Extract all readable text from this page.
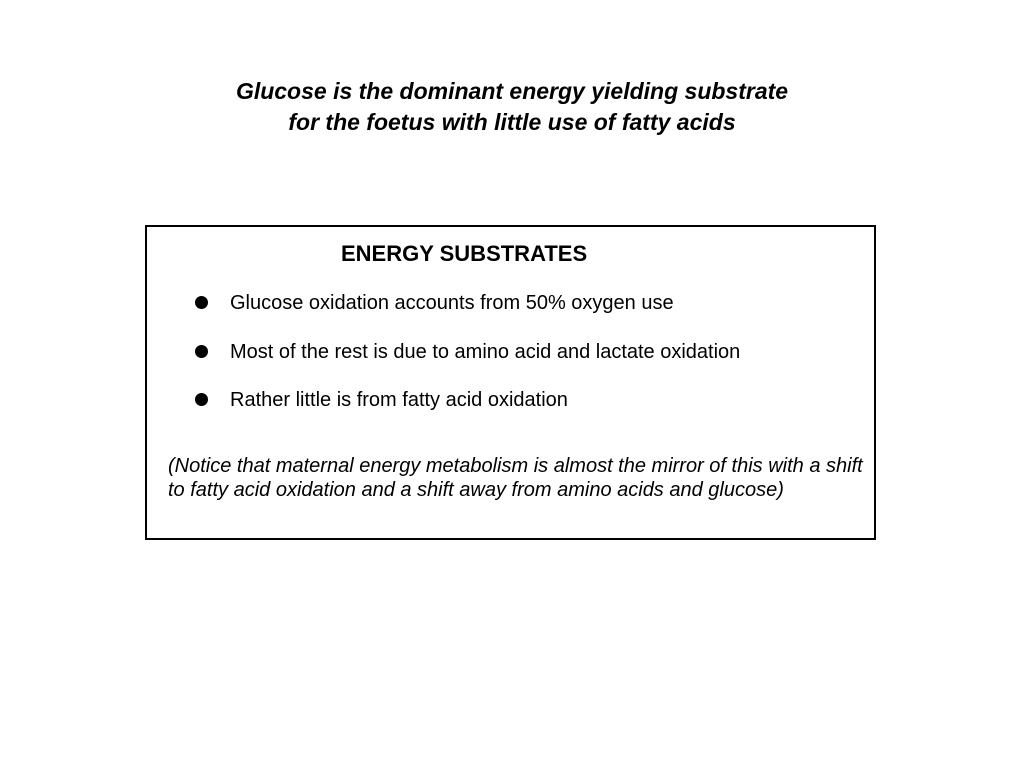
Glucose is the dominant energy yielding substrate
for the foetus with little use of fatty acids
ENERGY SUBSTRATES
Glucose oxidation accounts from 50% oxygen use
Most of the rest is due to amino acid and lactate oxidation
Rather little is from fatty acid oxidation
(Notice that maternal energy metabolism is almost the mirror of this with a shift to fatty acid oxidation and a shift away from amino acids and glucose)
